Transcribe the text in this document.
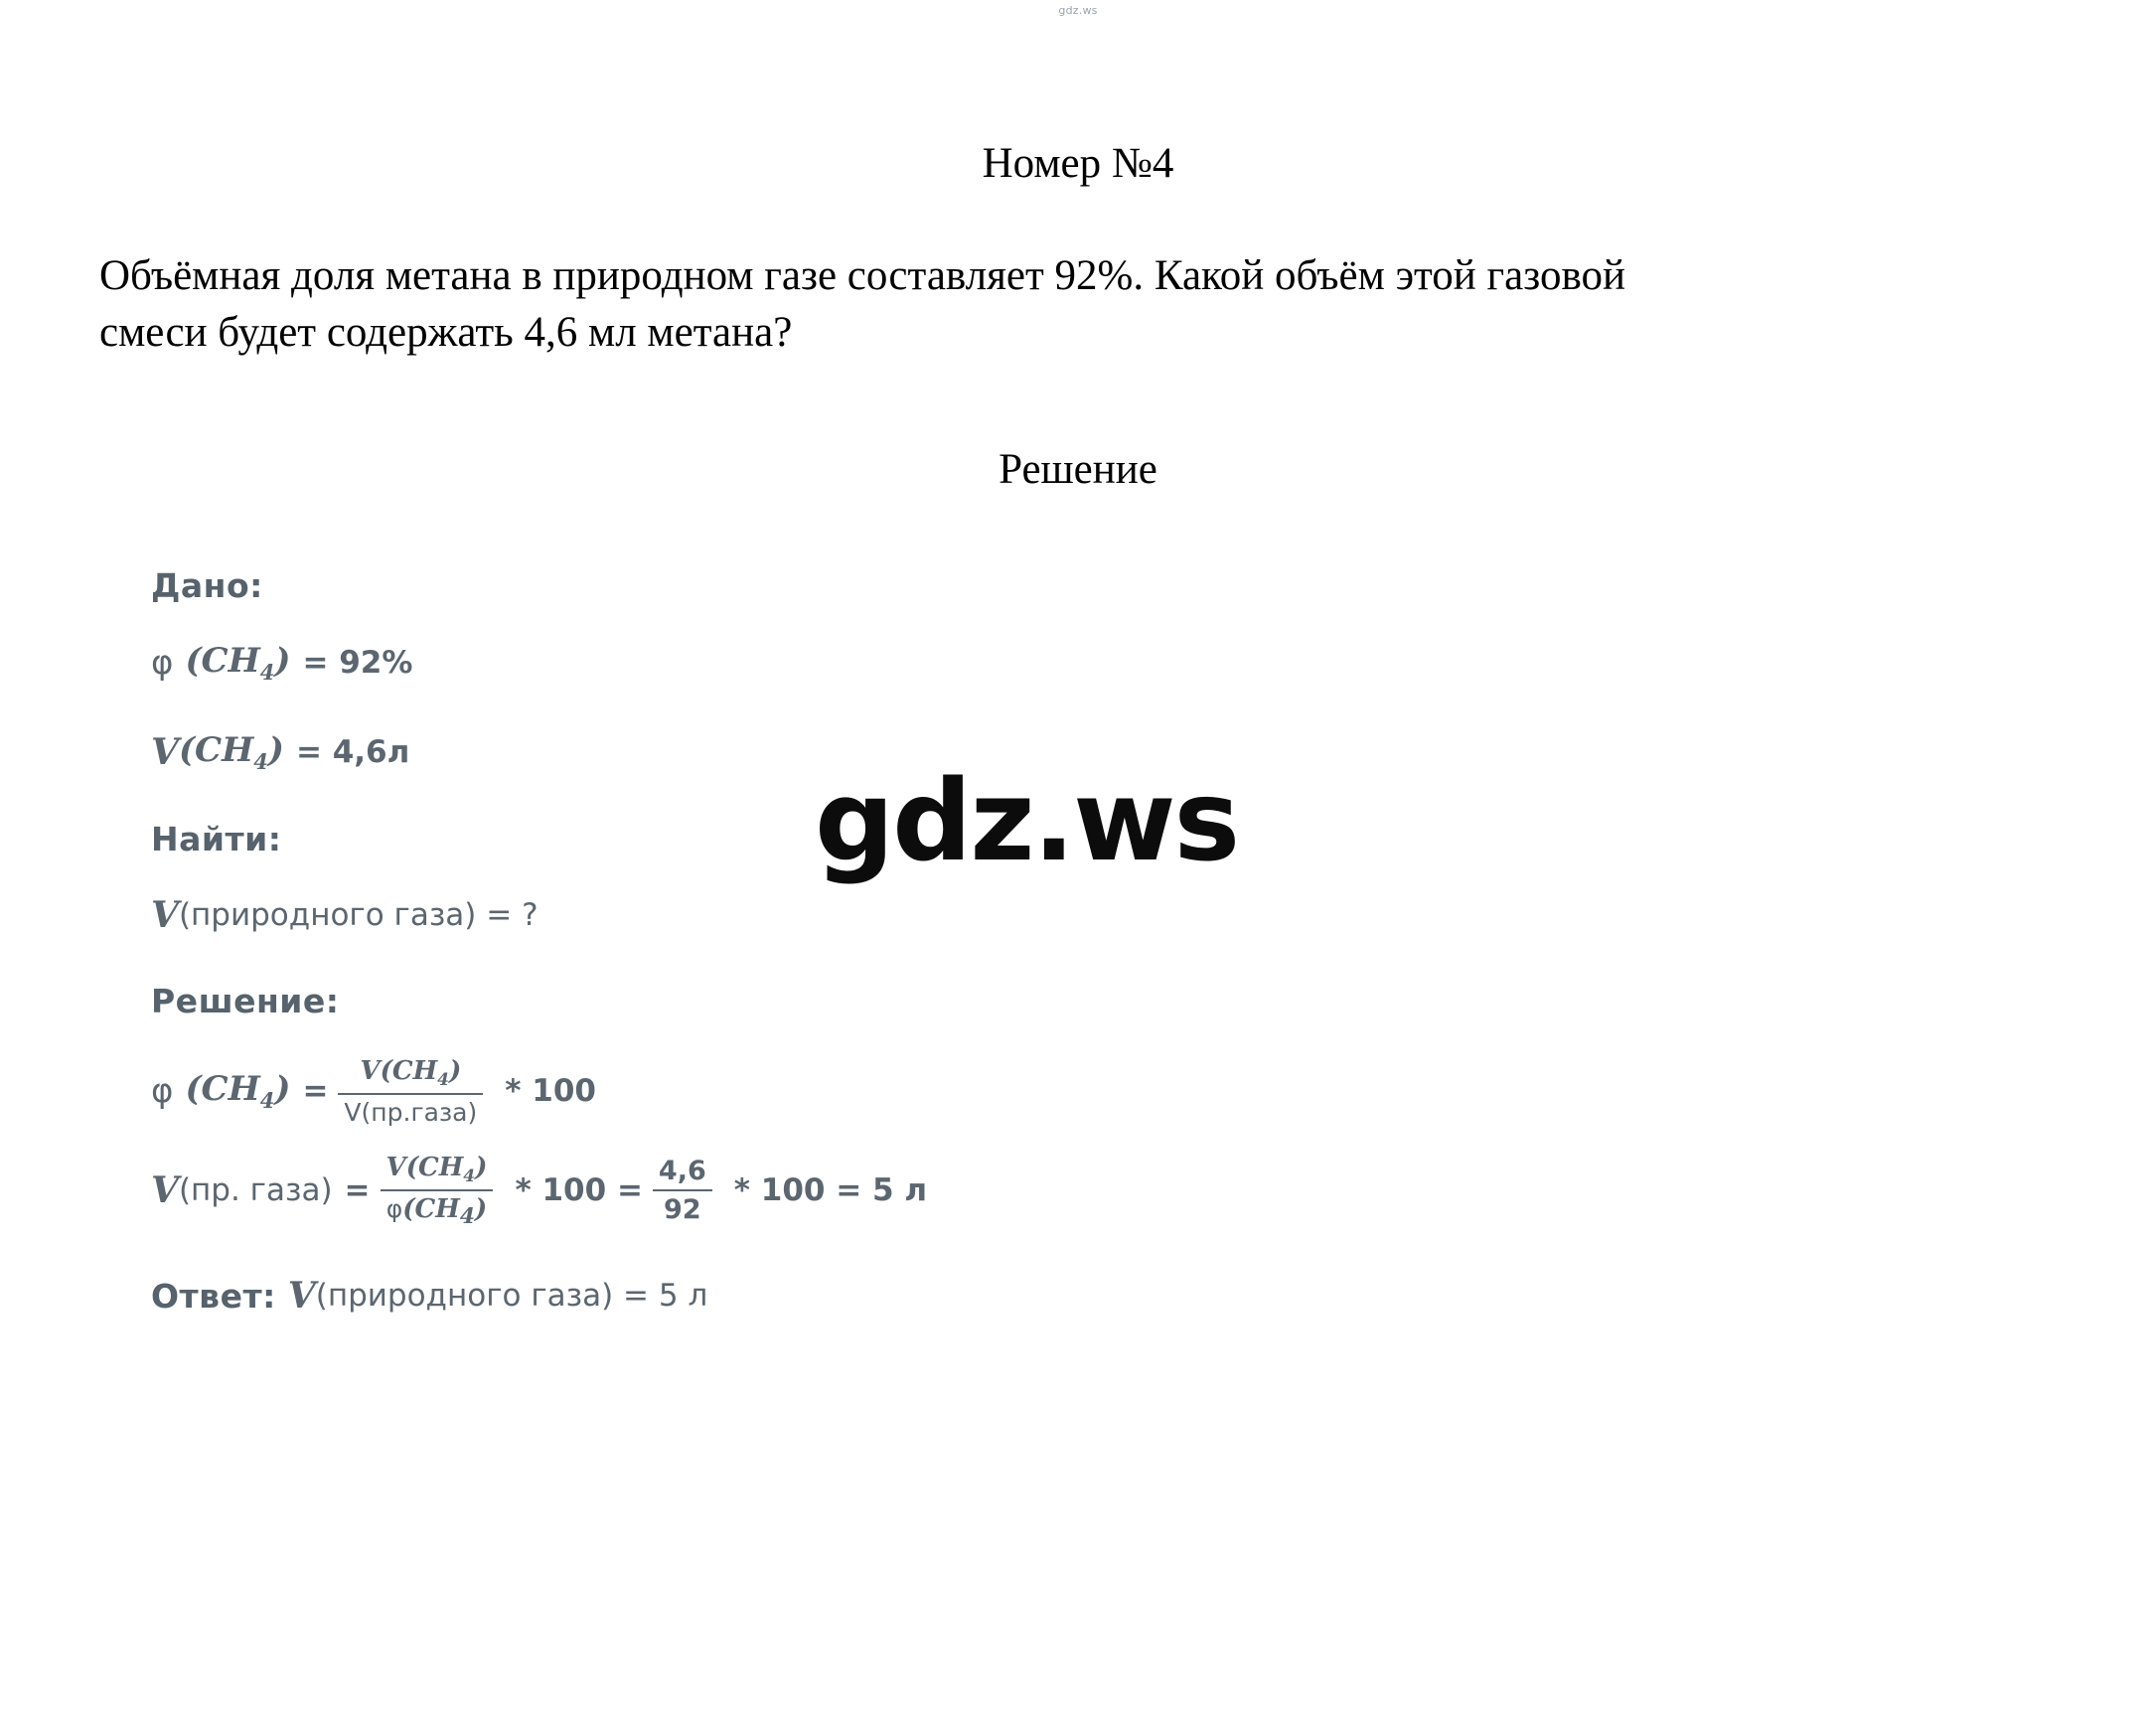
gdz.ws
Номер №4
Объёмная доля метана в природном газе составляет 92%. Какой объём этой газовой смеси будет содержать 4,6 мл метана?
Решение
Дано:
φ $(CH_4) = 92\%$
V $(CH_4) = 4,6л$
Найти:
V (природного газа) = ?
Решение:
φ $(CH_4) = \frac{V(CH_4)}{\text{V(пр.газа)}} * 100$
V (пр. газа) = $\frac{V(CH_4)}{\varphi(CH_4)} * 100 = \frac{4,6}{92} * 100 = 5$ л
Ответ: V (природного газа) = 5 л
gdz.ws
